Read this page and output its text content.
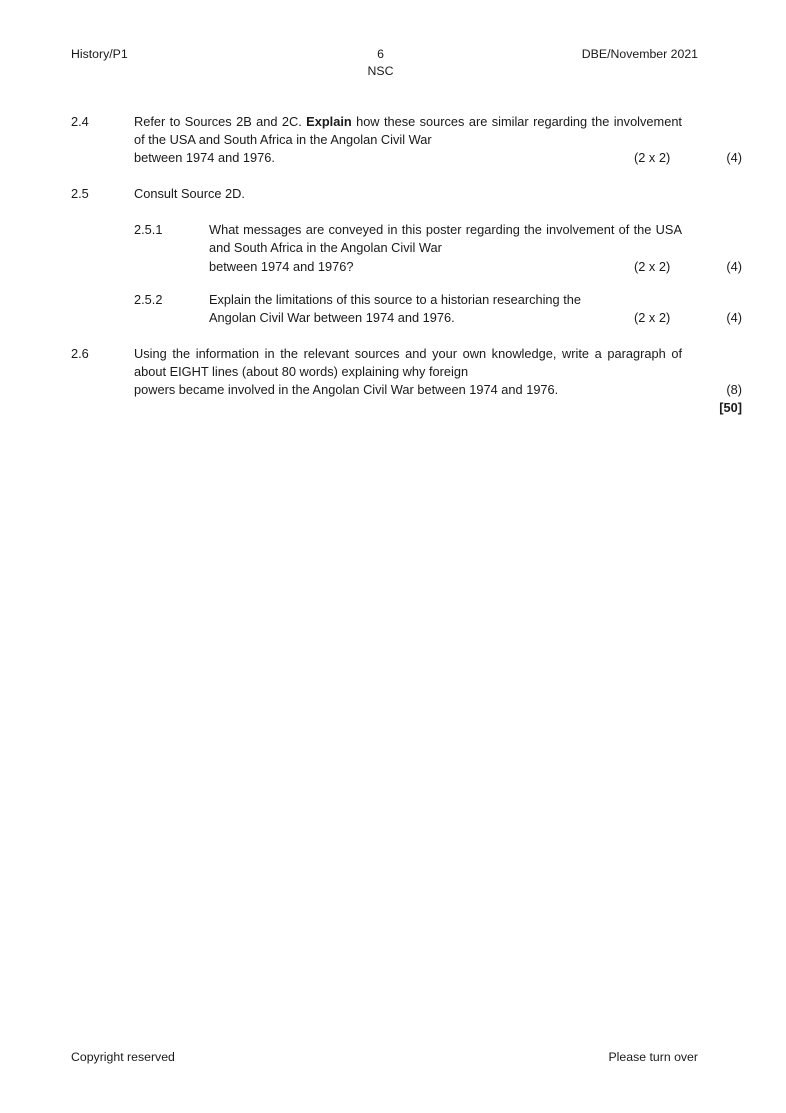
History/P1	6
NSC
DBE/November 2021
2.4	Refer to Sources 2B and 2C. Explain how these sources are similar regarding the involvement of the USA and South Africa in the Angolan Civil War
between 1974 and 1976.	(2 x 2)	(4)
2.5	Consult Source 2D.
2.5.1	What messages are conveyed in this poster regarding the involvement of the USA and South Africa in the Angolan Civil War
between 1974 and 1976?	(2 x 2)	(4)
2.5.2	Explain the limitations of this source to a historian researching the
Angolan Civil War between 1974 and 1976.	(2 x 2)	(4)
2.6	Using the information in the relevant sources and your own knowledge, write a paragraph of about EIGHT lines (about 80 words) explaining why foreign
powers became involved in the Angolan Civil War between 1974 and 1976.	(8)
[50]
Copyright reserved	Please turn over
